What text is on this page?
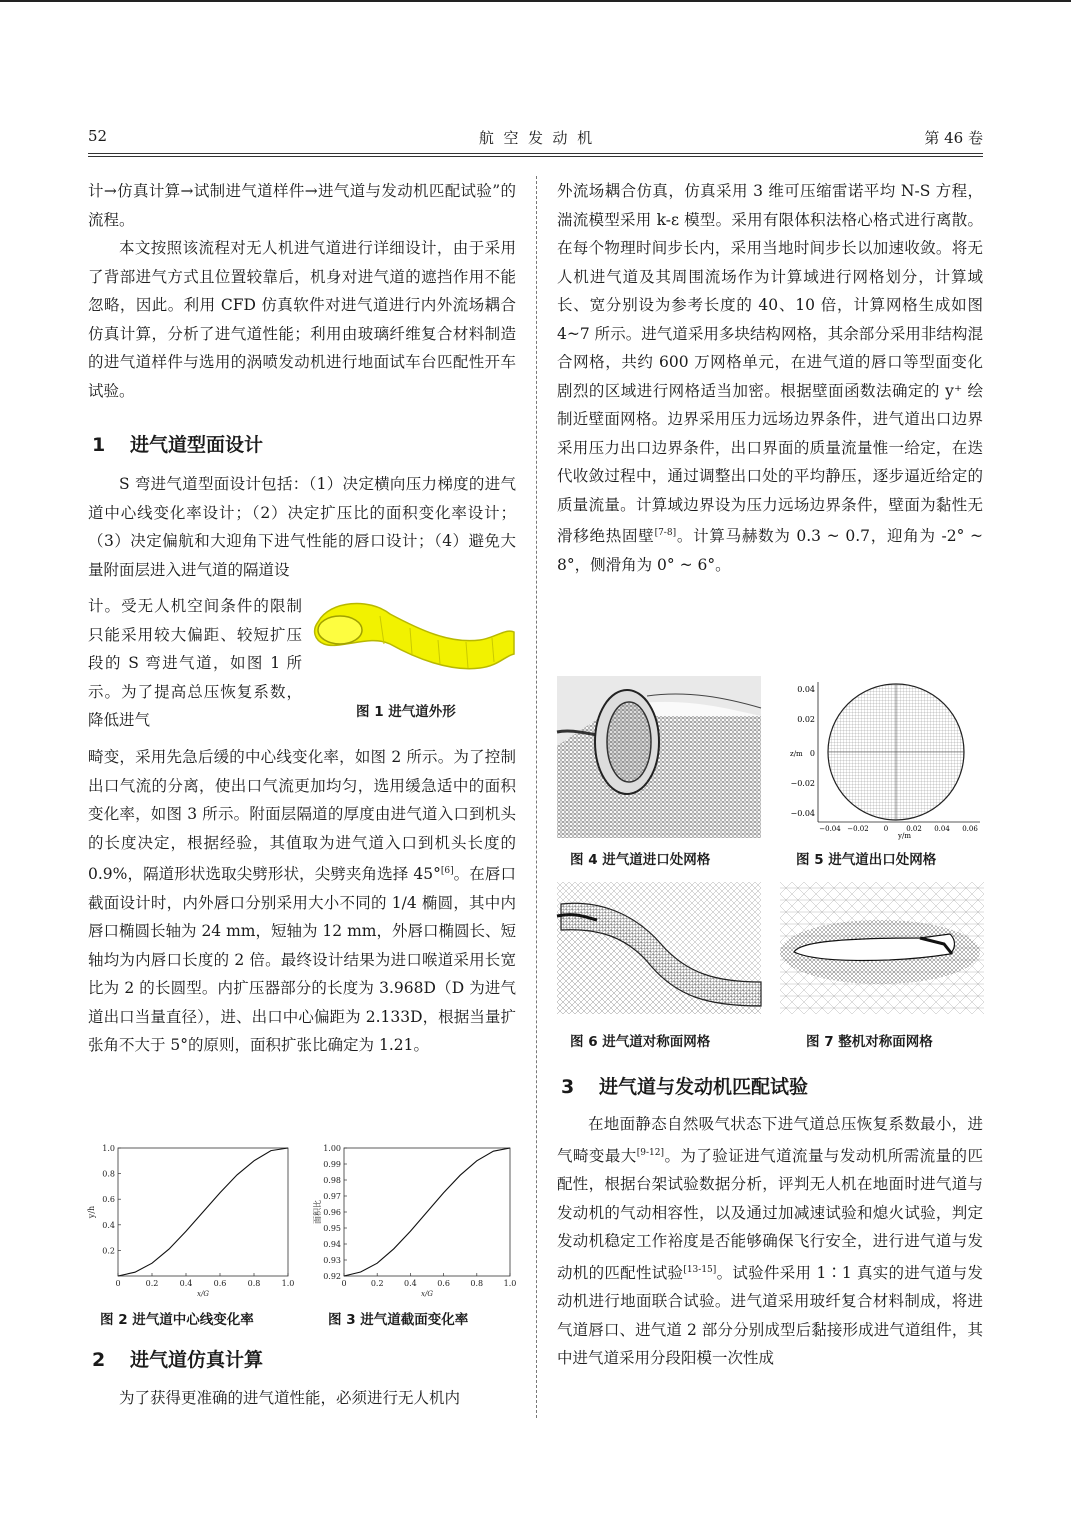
52	航  空  发  动  机	第 46 卷

计→仿真计算→试制进气道样件→进气道与发动机匹配试验”的流程。

本文按照该流程对无人机进气道进行详细设计，由于采用了背部进气方式且位置较靠后，机身对进气道的遮挡作用不能忽略，因此。利用 CFD 仿真软件对进气道进行内外流场耦合仿真计算，分析了进气道性能；利用由玻璃纤维复合材料制造的进气道样件与选用的涡喷发动机进行地面试车台匹配性开车试验。

1 进气道型面设计

S 弯进气道型面设计包括：（1）决定横向压力梯度的进气道中心线变化率设计；（2）决定扩压比的面积变化率设计；（3）决定偏航和大迎角下进气性能的唇口设计；（4）避免大量附面层进入进气道的隔道设

计。受无人机空间条件的限制只能采用较大偏距、较短扩压段的 S 弯进气道，如图 1 所示。为了提高总压恢复系数，降低进气	图 1 进气道外形

畸变，采用先急后缓的中心线变化率，如图 2 所示。为了控制出口气流的分离，使出口气流更加均匀，选用缓急适中的面积变化率，如图 3 所示。附面层隔道的厚度由进气道入口到机头的长度决定，根据经验，其值取为进气道入口到机头长度的 0.9%，隔道形状选取尖劈形状，尖劈夹角选择 45°[6]。在唇口截面设计时，内外唇口分别采用大小不同的 1/4 椭圆，其中内唇口椭圆长轴为 24 mm，短轴为 12 mm，外唇口椭圆长、短轴均为内唇口长度的 2 倍。最终设计结果为进口喉道采用长宽比为 2 的长圆型。内扩压器部分的长度为 3.968D（D 为进气道出口当量直径），进、出口中心偏距为 2.133D，根据当量扩张角不大于 5°的原则，面积扩张比确定为 1.21。

0	0.2	0.4	0.6	0.8	1.0
0.2
0.4
0.6
0.8
1.0
x/G
y/h
图 2 进气道中心线变化率
0	0.2	0.4	0.6	0.8	1.0
0.92
0.93
0.94
0.95
0.96
0.97
0.98
0.99
1.00
x/G
面积比
图 3 进气道截面变化率
2 进气道仿真计算

为了获得更准确的进气道性能，必须进行无人机内

外流场耦合仿真，仿真采用 3 维可压缩雷诺平均 N-S 方程，湍流模型采用 k-ε 模型。采用有限体积法格心格式进行离散。在每个物理时间步长内，采用当地时间步长以加速收敛。将无人机进气道及其周围流场作为计算域进行网格划分，计算域长、宽分别设为参考长度的 40、10 倍，计算网格生成如图 4~7 所示。进气道采用多块结构网格，其余部分采用非结构混合网格，共约 600 万网格单元，在进气道的唇口等型面变化剧烈的区域进行网格适当加密。根据壁面函数法确定的 y⁺ 绘制近壁面网格。边界采用压力远场边界条件，进气道出口边界采用压力出口边界条件，出口界面的质量流量惟一给定，在迭代收敛过程中，通过调整出口处的平均静压，逐步逼近给定的质量流量。计算域边界设为压力远场边界条件，壁面为黏性无滑移绝热固壁[7-8]。计算马赫数为 0.3 ~ 0.7，迎角为 -2° ~ 8°，侧滑角为 0° ~ 6°。

图 4 进气道进口处网格
0.04
0.02
0
−0.02
−0.04
−0.04 −0.02 0	0.02 0.04 0.06
z/m
y/m
图 5 进气道出口处网格
图 6 进气道对称面网格	图 7 整机对称面网格
3 进气道与发动机匹配试验

在地面静态自然吸气状态下进气道总压恢复系数最小，进气畸变最大[9-12]。为了验证进气道流量与发动机所需流量的匹配性，根据台架试验数据分析，评判无人机在地面时进气道与发动机的气动相容性，以及通过加减速试验和熄火试验，判定发动机稳定工作裕度是否能够确保飞行安全，进行进气道与发动机的匹配性试验[13-15]。试验件采用 1∶1 真实的进气道与发动机进行地面联合试验。进气道采用玻纤复合材料制成，将进气道唇口、进气道 2 部分分别成型后黏接形成进气道组件，其中进气道采用分段阳模一次性成
